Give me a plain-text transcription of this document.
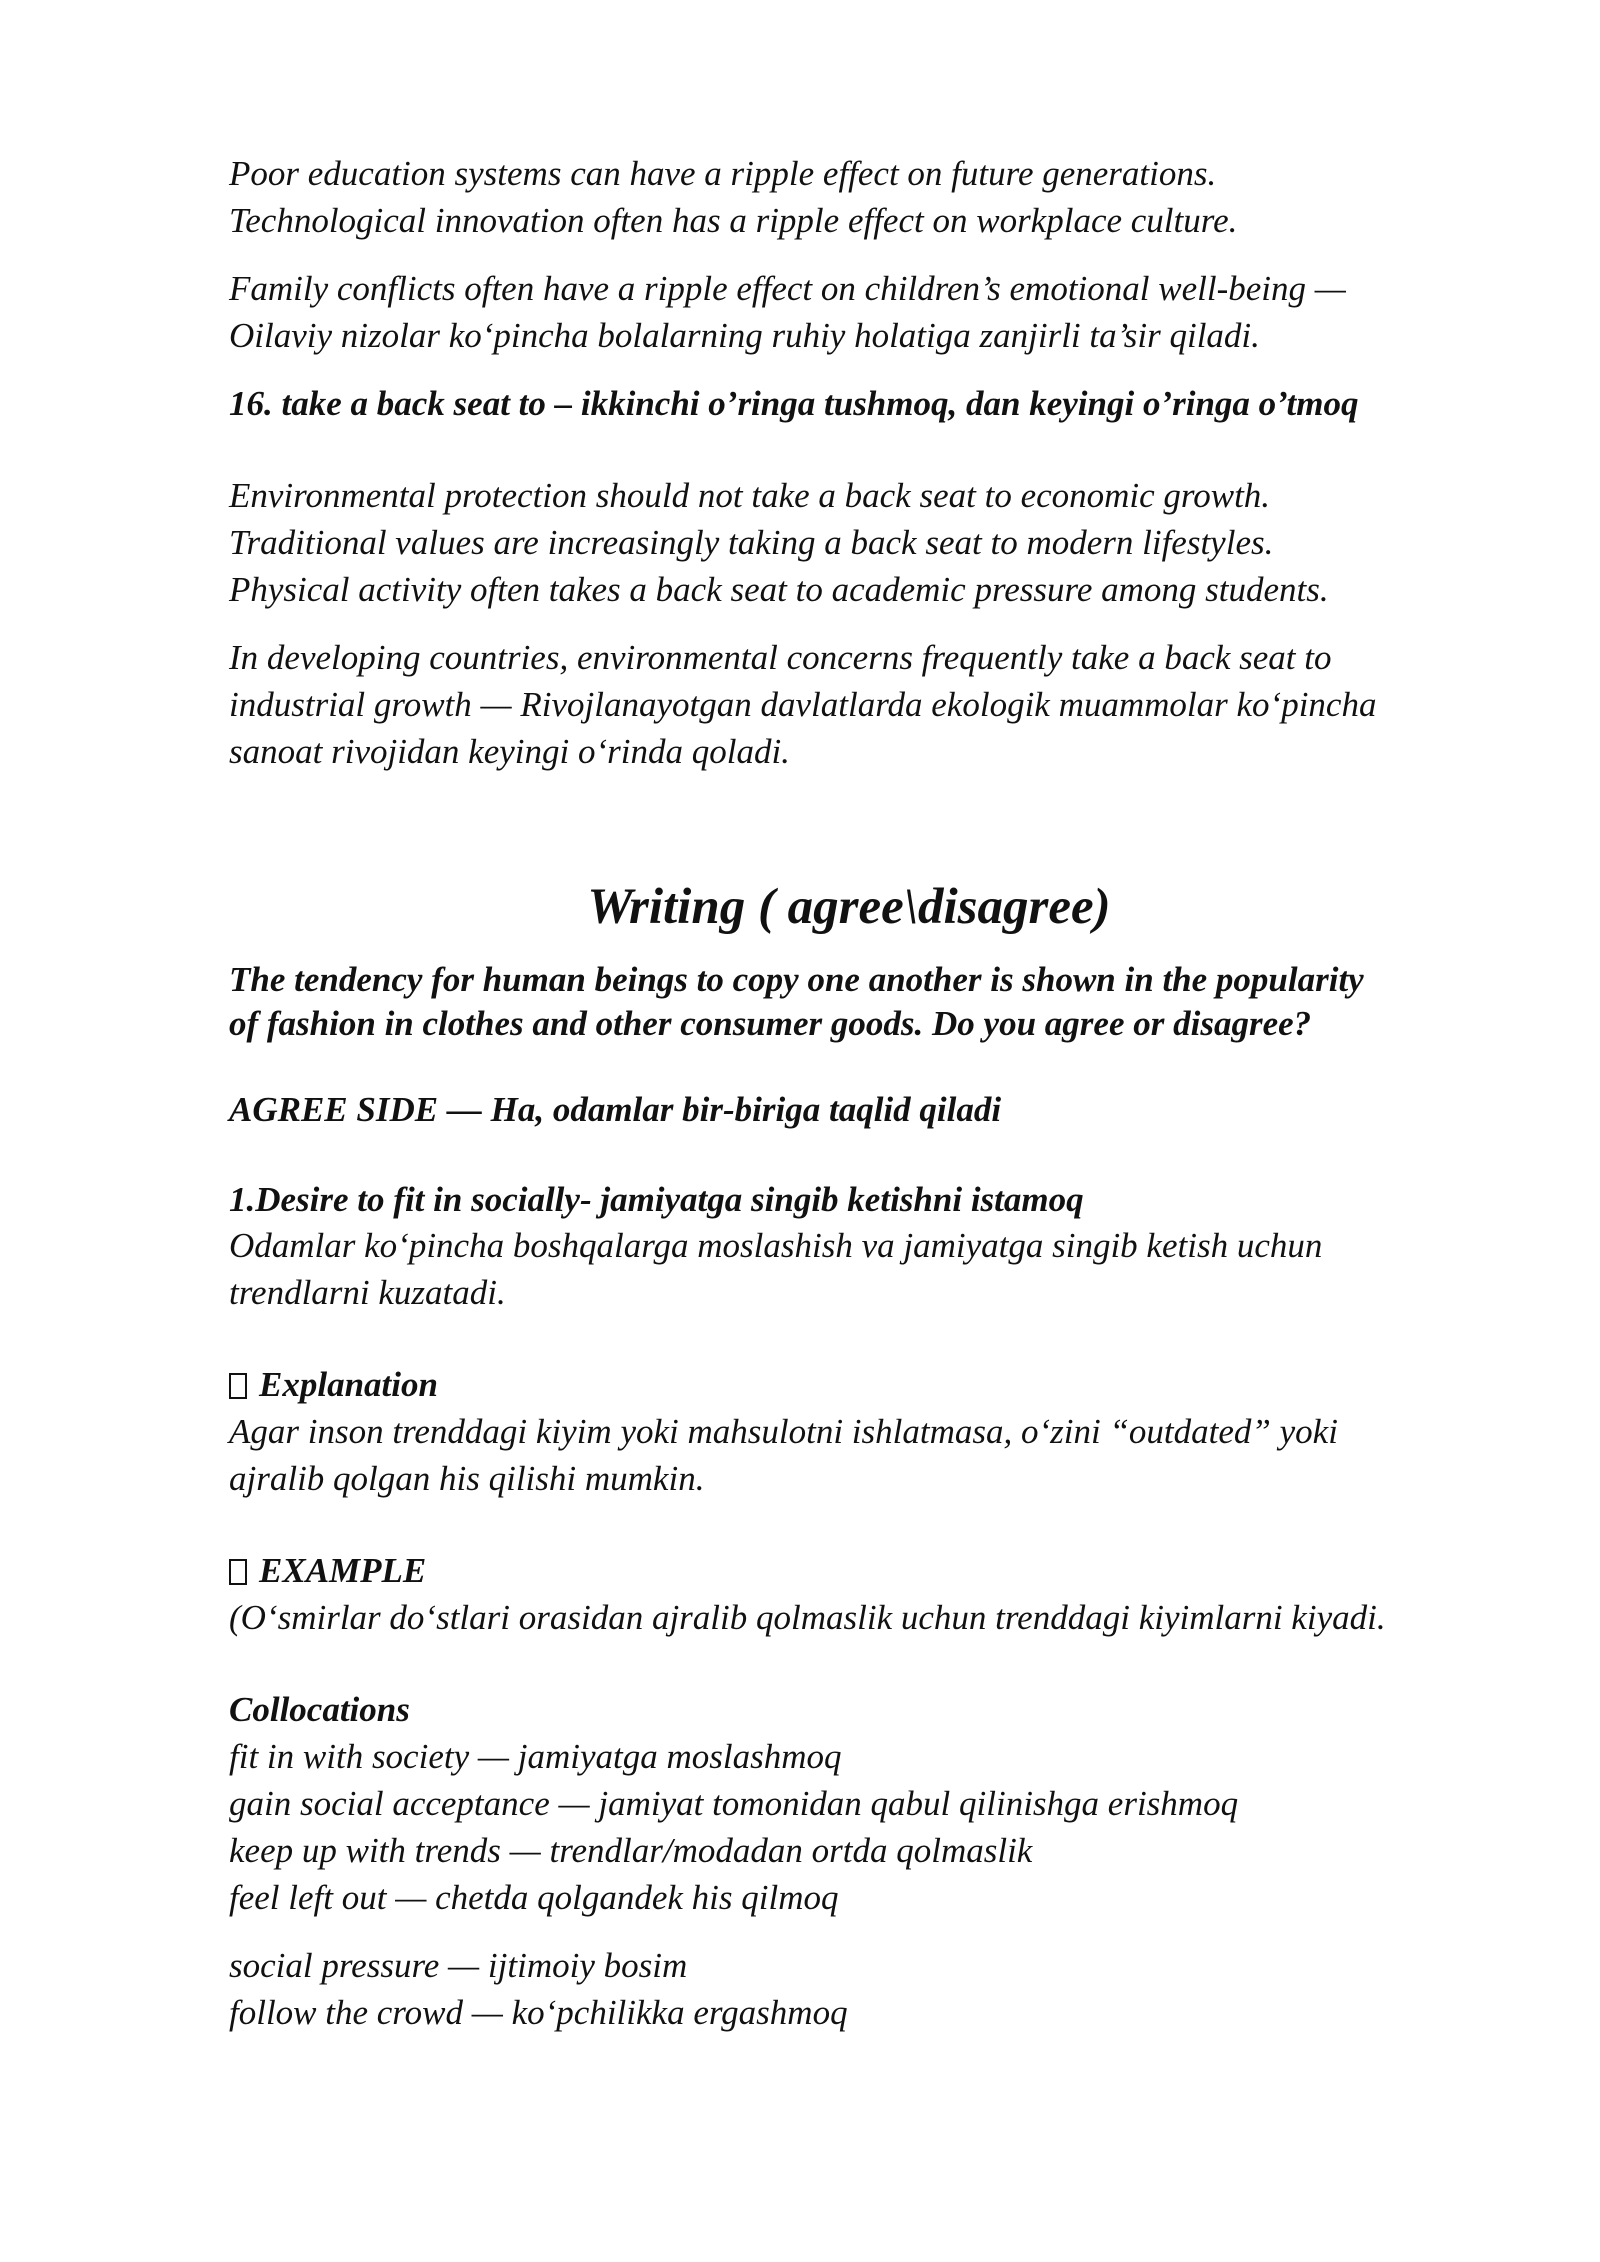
Poor education systems can have a ripple effect on future generations.
Technological innovation often has a ripple effect on workplace culture.
Family conflicts often have a ripple effect on children’s emotional well-being —
Oilaviy nizolar ko‘pincha bolalarning ruhiy holatiga zanjirli ta’sir qiladi.
16. take a back seat to – ikkinchi o’ringa tushmoq, dan keyingi o’ringa o’tmoq
Environmental protection should not take a back seat to economic growth.
Traditional values are increasingly taking a back seat to modern lifestyles.
Physical activity often takes a back seat to academic pressure among students.
In developing countries, environmental concerns frequently take a back seat to
industrial growth — Rivojlanayotgan davlatlarda ekologik muammolar ko‘pincha
sanoat rivojidan keyingi o‘rinda qoladi.
Writing ( agree\disagree)
The tendency for human beings to copy one another is shown in the popularity
of fashion in clothes and other consumer goods. Do you agree or disagree?
AGREE SIDE — Ha, odamlar bir-biriga taqlid qiladi
1.Desire to fit in socially- jamiyatga singib ketishni istamoq
Odamlar ko‘pincha boshqalarga moslashish va jamiyatga singib ketish uchun
trendlarni kuzatadi.
Explanation
Agar inson trenddagi kiyim yoki mahsulotni ishlatmasa, o‘zini “outdated” yoki
ajralib qolgan his qilishi mumkin.
EXAMPLE
(O‘smirlar do‘stlari orasidan ajralib qolmaslik uchun trenddagi kiyimlarni kiyadi.
Collocations
fit in with society — jamiyatga moslashmoq
gain social acceptance — jamiyat tomonidan qabul qilinishga erishmoq
keep up with trends — trendlar/modadan ortda qolmaslik
feel left out — chetda qolgandek his qilmoq
social pressure — ijtimoiy bosim
follow the crowd — ko‘pchilikka ergashmoq
